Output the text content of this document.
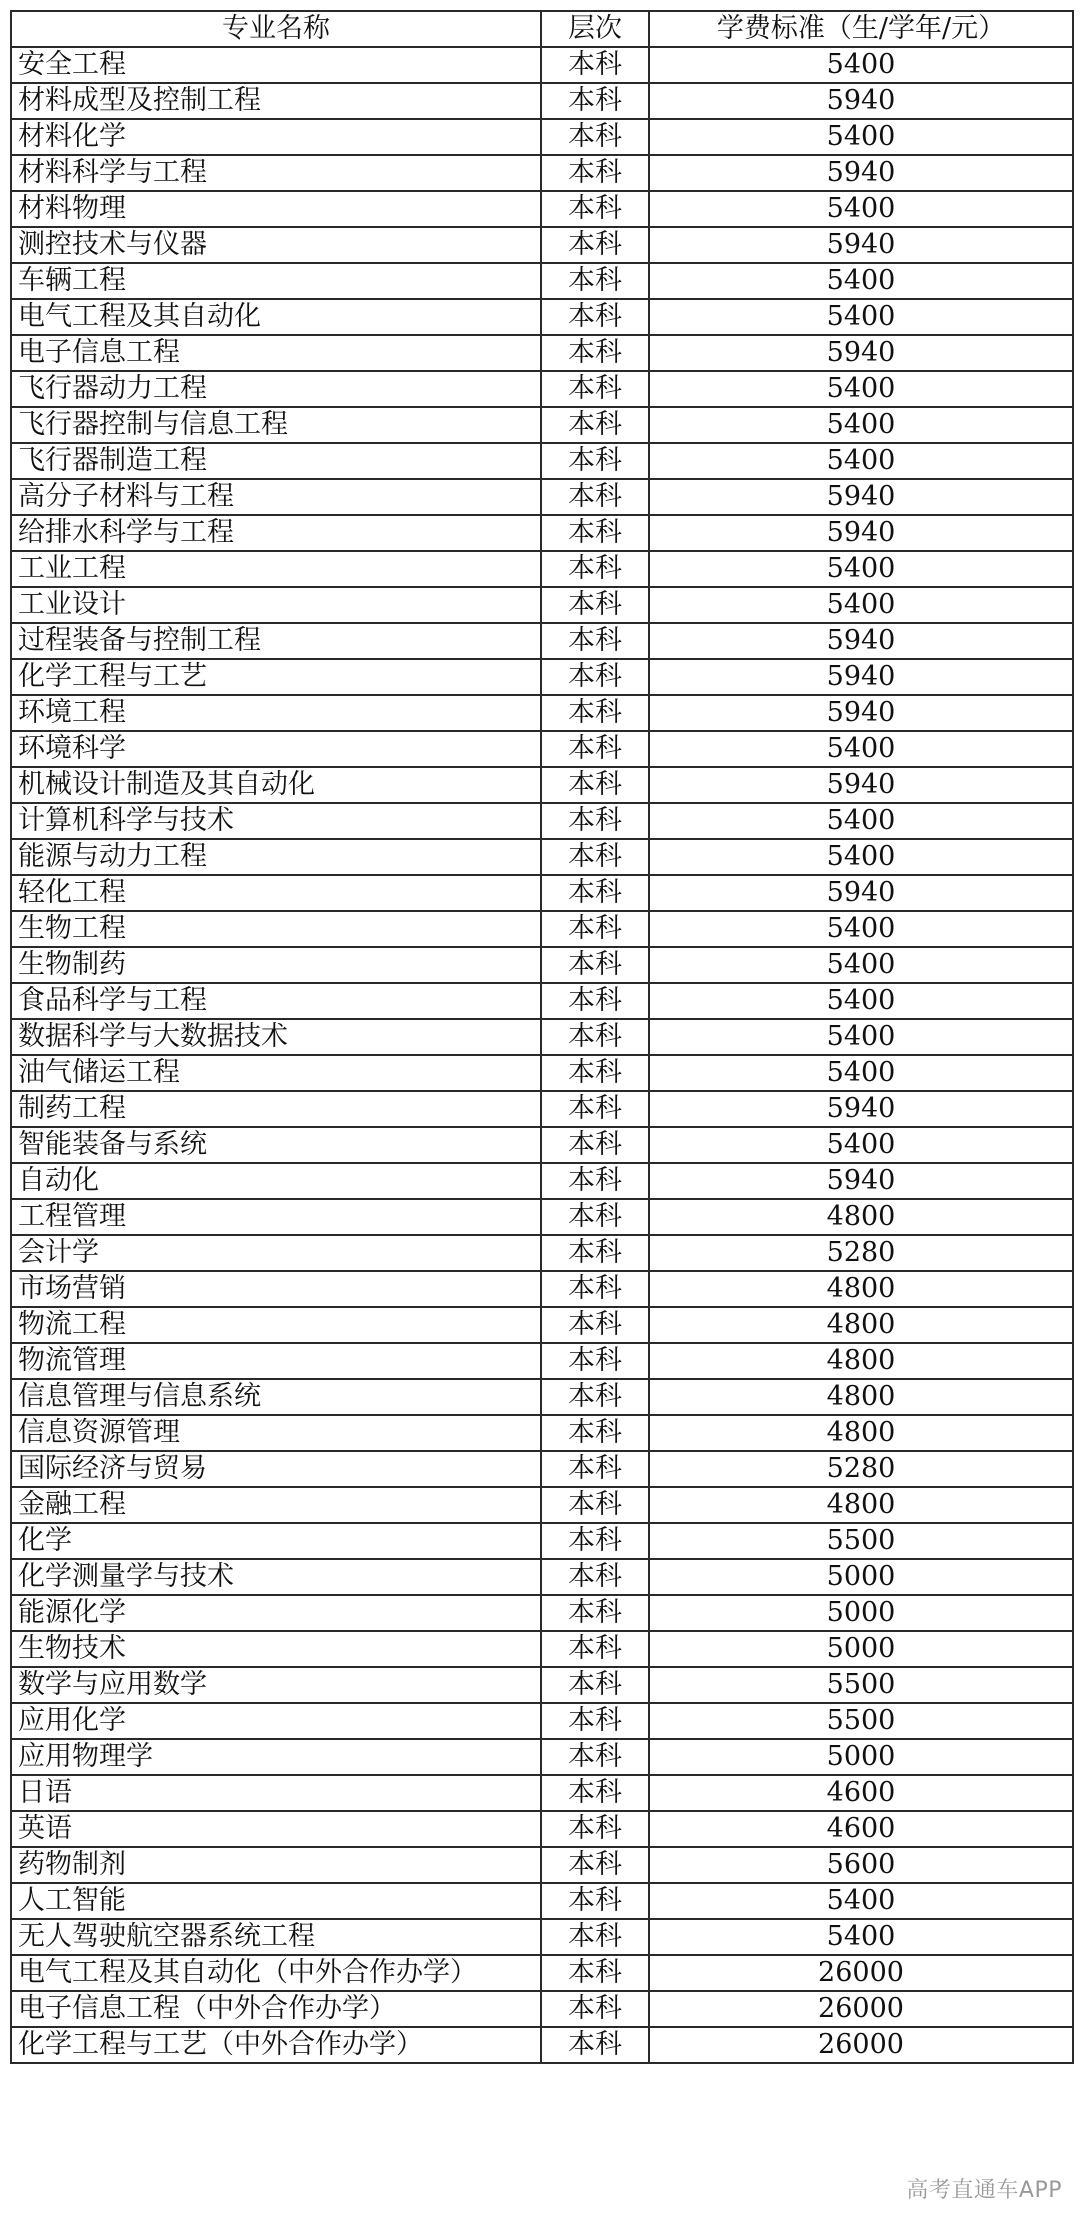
专业名称	层次	学费标准（生/学年/元）
安全工程	本科	5400
材料成型及控制工程	本科	5940
材料化学	本科	5400
材料科学与工程	本科	5940
材料物理	本科	5400
测控技术与仪器	本科	5940
车辆工程	本科	5400
电气工程及其自动化	本科	5400
电子信息工程	本科	5940
飞行器动力工程	本科	5400
飞行器控制与信息工程	本科	5400
飞行器制造工程	本科	5400
高分子材料与工程	本科	5940
给排水科学与工程	本科	5940
工业工程	本科	5400
工业设计	本科	5400
过程装备与控制工程	本科	5940
化学工程与工艺	本科	5940
环境工程	本科	5940
环境科学	本科	5400
机械设计制造及其自动化	本科	5940
计算机科学与技术	本科	5400
能源与动力工程	本科	5400
轻化工程	本科	5940
生物工程	本科	5400
生物制药	本科	5400
食品科学与工程	本科	5400
数据科学与大数据技术	本科	5400
油气储运工程	本科	5400
制药工程	本科	5940
智能装备与系统	本科	5400
自动化	本科	5940
工程管理	本科	4800
会计学	本科	5280
市场营销	本科	4800
物流工程	本科	4800
物流管理	本科	4800
信息管理与信息系统	本科	4800
信息资源管理	本科	4800
国际经济与贸易	本科	5280
金融工程	本科	4800
化学	本科	5500
化学测量学与技术	本科	5000
能源化学	本科	5000
生物技术	本科	5000
数学与应用数学	本科	5500
应用化学	本科	5500
应用物理学	本科	5000
日语	本科	4600
英语	本科	4600
药物制剂	本科	5600
人工智能	本科	5400
无人驾驶航空器系统工程	本科	5400
电气工程及其自动化（中外合作办学）	本科	26000
电子信息工程（中外合作办学）	本科	26000
化学工程与工艺（中外合作办学）	本科	26000
高考直通车APP
